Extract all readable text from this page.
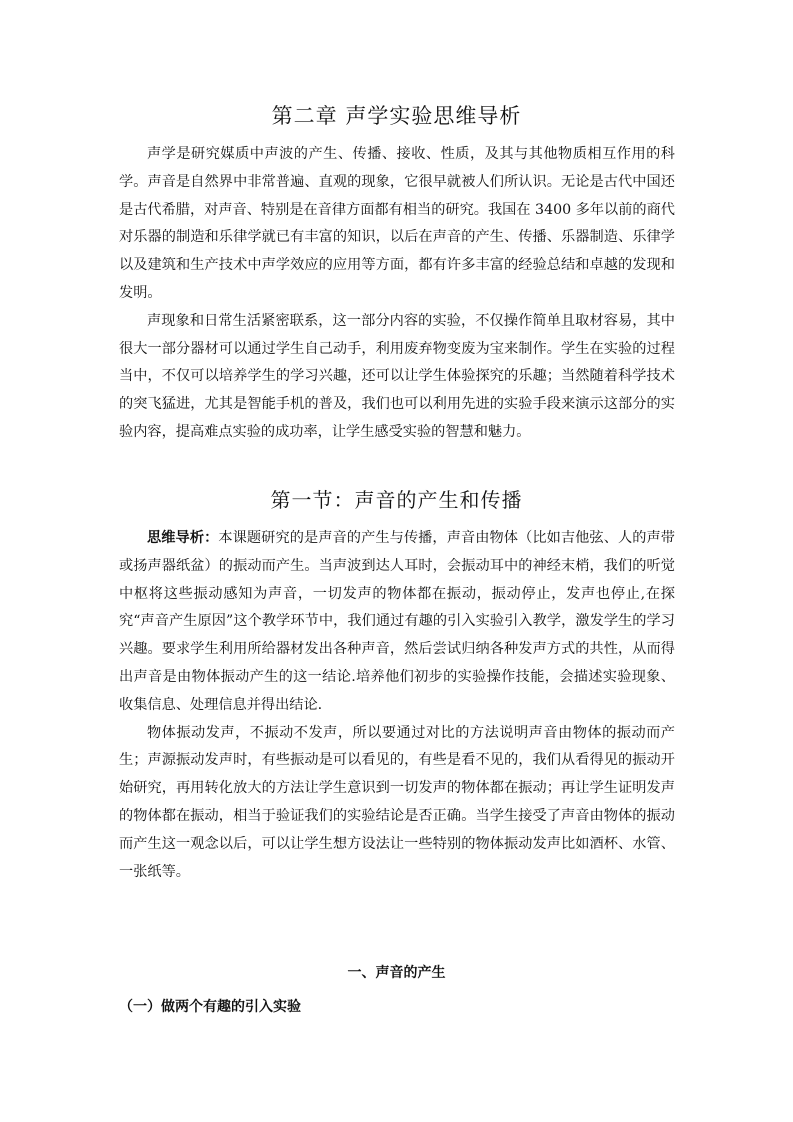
第二章 声学实验思维导析

声学是研究媒质中声波的产生、传播、接收、性质，及其与其他物质相互作用的科学。声音是自然界中非常普遍、直观的现象，它很早就被人们所认识。无论是古代中国还是古代希腊，对声音、特别是在音律方面都有相当的研究。我国在 3400 多年以前的商代对乐器的制造和乐律学就已有丰富的知识，以后在声音的产生、传播、乐器制造、乐律学以及建筑和生产技术中声学效应的应用等方面，都有许多丰富的经验总结和卓越的发现和发明。

声现象和日常生活紧密联系，这一部分内容的实验，不仅操作简单且取材容易，其中很大一部分器材可以通过学生自己动手，利用废弃物变废为宝来制作。学生在实验的过程当中，不仅可以培养学生的学习兴趣，还可以让学生体验探究的乐趣；当然随着科学技术的突飞猛进，尤其是智能手机的普及，我们也可以利用先进的实验手段来演示这部分的实验内容，提高难点实验的成功率，让学生感受实验的智慧和魅力。

第一节：声音的产生和传播

思维导析：本课题研究的是声音的产生与传播，声音由物体（比如吉他弦、人的声带或扬声器纸盆）的振动而产生。当声波到达人耳时，会振动耳中的神经末梢，我们的听觉中枢将这些振动感知为声音，一切发声的物体都在振动，振动停止，发声也停止,在探究“声音产生原因”这个教学环节中，我们通过有趣的引入实验引入教学，激发学生的学习兴趣。要求学生利用所给器材发出各种声音，然后尝试归纳各种发声方式的共性，从而得出声音是由物体振动产生的这一结论.培养他们初步的实验操作技能，会描述实验现象、收集信息、处理信息并得出结论.

物体振动发声，不振动不发声，所以要通过对比的方法说明声音由物体的振动而产生；声源振动发声时，有些振动是可以看见的，有些是看不见的，我们从看得见的振动开始研究，再用转化放大的方法让学生意识到一切发声的物体都在振动；再让学生证明发声的物体都在振动，相当于验证我们的实验结论是否正确。当学生接受了声音由物体的振动而产生这一观念以后，可以让学生想方设法让一些特别的物体振动发声比如酒杯、水管、一张纸等。

一、声音的产生
（一）做两个有趣的引入实验
